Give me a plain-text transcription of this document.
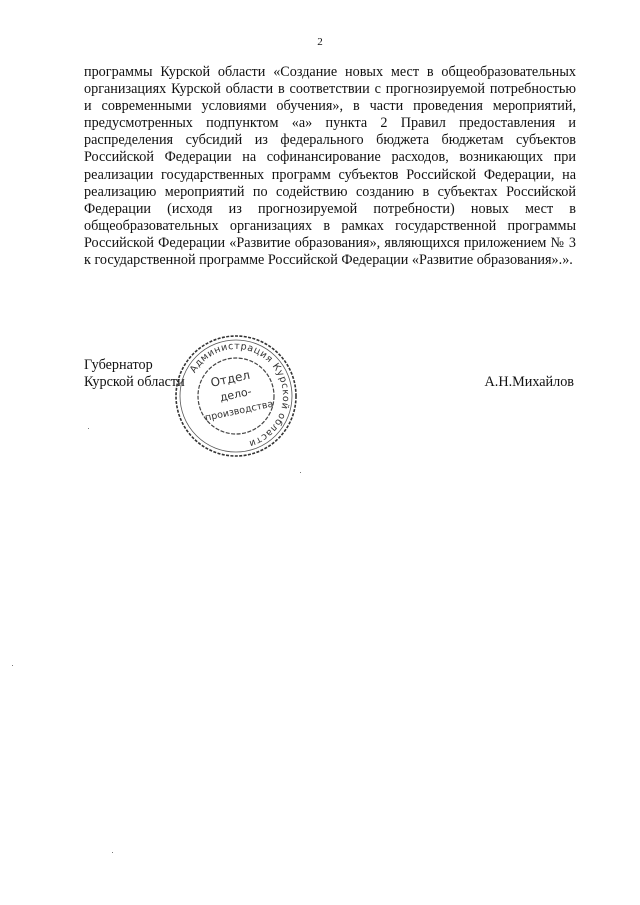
2

программы Курской области «Создание новых мест в общеобразовательных организациях Курской области в соответствии с прогнозируемой потребностью и современными условиями обучения», в части проведения мероприятий, предусмотренных подпунктом «а» пункта 2 Правил предоставления и распределения субсидий из федерального бюджета бюджетам субъектов Российской Федерации на софинансирование расходов, возникающих при реализации государственных программ субъектов Российской Федерации, на реализацию мероприятий по содействию созданию в субъектах Российской Федерации (исходя из прогнозируемой потребности) новых мест в общеобразовательных организациях в рамках государственной программы Российской Федерации «Развитие образования», являющихся приложением № 3 к государственной программе Российской Федерации «Развитие образования».».

Губернатор
Курской области	А.Н.Михайлов
Администрация Курской области
Отдел
дело-
производства
